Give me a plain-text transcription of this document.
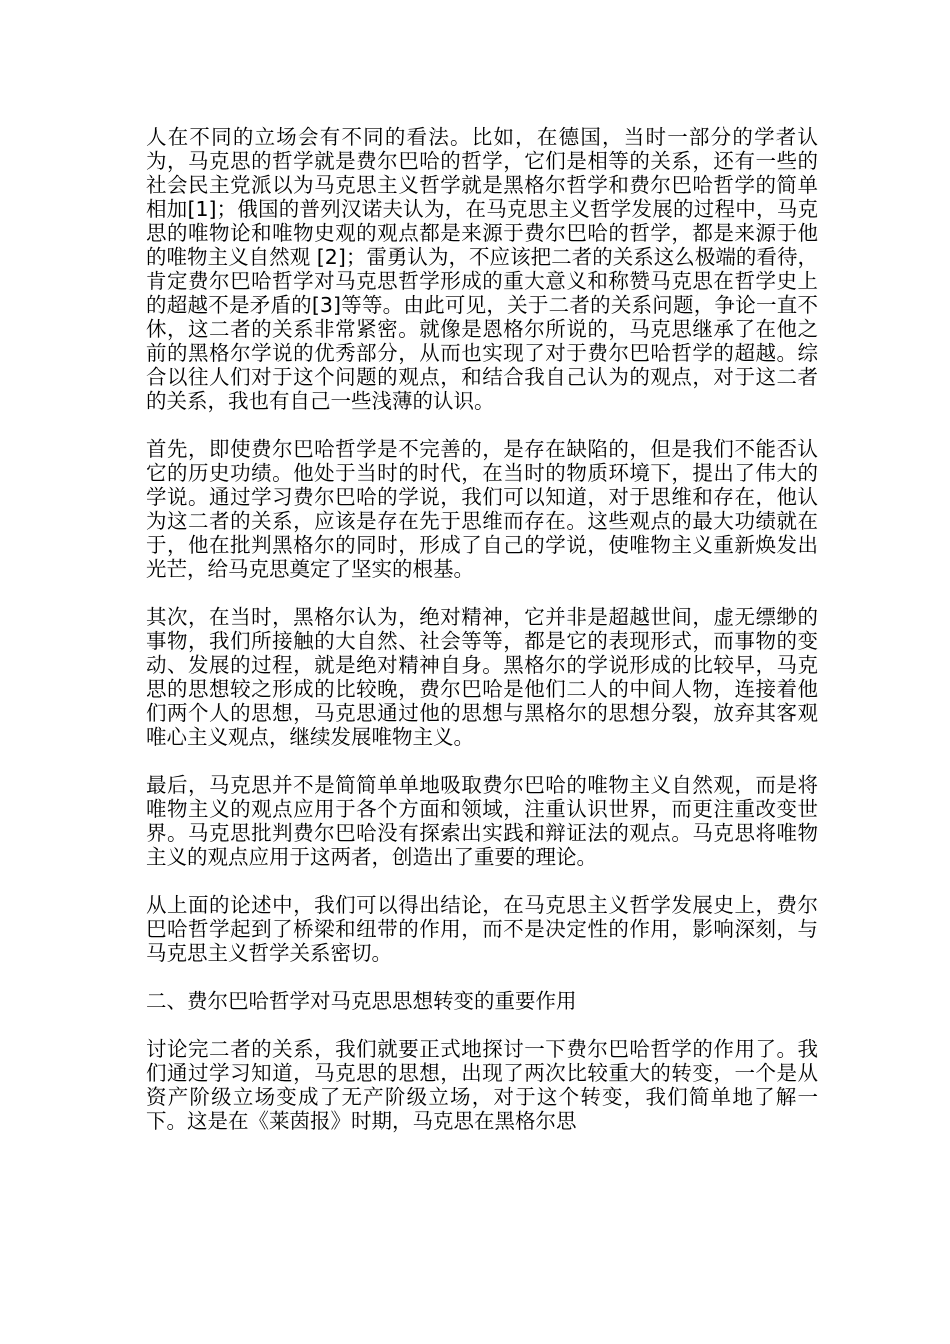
人在不同的立场会有不同的看法。比如，在德国，当时一部分的学者认为，马克思的哲学就是费尔巴哈的哲学，它们是相等的关系，还有一些的社会民主党派以为马克思主义哲学就是黑格尔哲学和费尔巴哈哲学的简单相加[1]；俄国的普列汉诺夫认为，在马克思主义哲学发展的过程中，马克思的唯物论和唯物史观的观点都是来源于费尔巴哈的哲学，都是来源于他的唯物主义自然观 [2]；雷勇认为，不应该把二者的关系这么极端的看待，肯定费尔巴哈哲学对马克思哲学形成的重大意义和称赞马克思在哲学史上的超越不是矛盾的[3]等等。由此可见，关于二者的关系问题，争论一直不休，这二者的关系非常紧密。就像是恩格尔所说的，马克思继承了在他之前的黑格尔学说的优秀部分，从而也实现了对于费尔巴哈哲学的超越。综合以往人们对于这个问题的观点，和结合我自己认为的观点，对于这二者的关系，我也有自己一些浅薄的认识。

首先，即使费尔巴哈哲学是不完善的，是存在缺陷的，但是我们不能否认它的历史功绩。他处于当时的时代，在当时的物质环境下，提出了伟大的学说。通过学习费尔巴哈的学说，我们可以知道，对于思维和存在，他认为这二者的关系，应该是存在先于思维而存在。这些观点的最大功绩就在于，他在批判黑格尔的同时，形成了自己的学说，使唯物主义重新焕发出光芒，给马克思奠定了坚实的根基。

其次，在当时，黑格尔认为，绝对精神，它并非是超越世间，虚无缥缈的事物，我们所接触的大自然、社会等等，都是它的表现形式，而事物的变动、发展的过程，就是绝对精神自身。黑格尔的学说形成的比较早，马克思的思想较之形成的比较晚，费尔巴哈是他们二人的中间人物，连接着他们两个人的思想，马克思通过他的思想与黑格尔的思想分裂，放弃其客观唯心主义观点，继续发展唯物主义。

最后，马克思并不是简简单单地吸取费尔巴哈的唯物主义自然观，而是将唯物主义的观点应用于各个方面和领域，注重认识世界，而更注重改变世界。马克思批判费尔巴哈没有探索出实践和辩证法的观点。马克思将唯物主义的观点应用于这两者，创造出了重要的理论。

从上面的论述中，我们可以得出结论，在马克思主义哲学发展史上，费尔巴哈哲学起到了桥梁和纽带的作用，而不是决定性的作用，影响深刻，与马克思主义哲学关系密切。

二、费尔巴哈哲学对马克思思想转变的重要作用

讨论完二者的关系，我们就要正式地探讨一下费尔巴哈哲学的作用了。我们通过学习知道，马克思的思想，出现了两次比较重大的转变，一个是从资产阶级立场变成了无产阶级立场，对于这个转变，我们简单地了解一下。这是在《莱茵报》时期，马克思在黑格尔思
